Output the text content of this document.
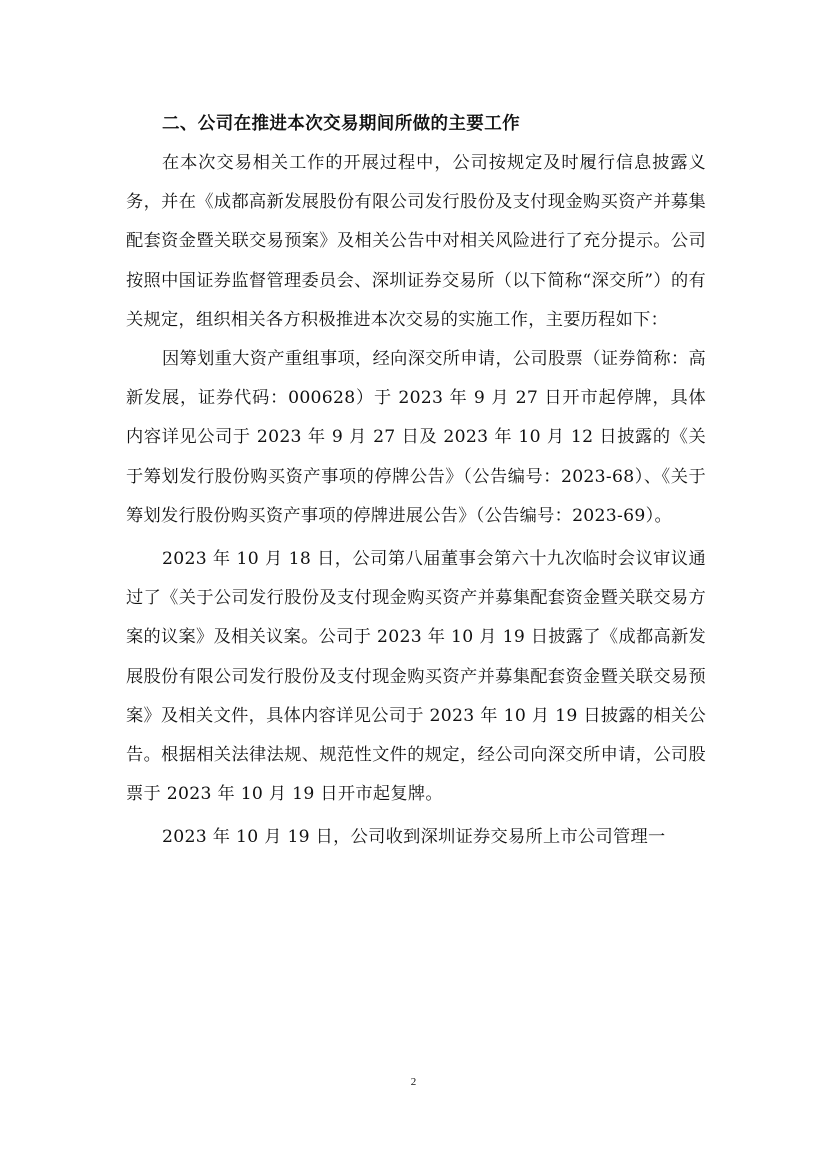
二、公司在推进本次交易期间所做的主要工作

在本次交易相关工作的开展过程中，公司按规定及时履行信息披露义务，并在《成都高新发展股份有限公司发行股份及支付现金购买资产并募集配套资金暨关联交易预案》及相关公告中对相关风险进行了充分提示。公司按照中国证券监督管理委员会、深圳证券交易所（以下简称“深交所”）的有关规定，组织相关各方积极推进本次交易的实施工作，主要历程如下：

因筹划重大资产重组事项，经向深交所申请，公司股票（证券简称：高新发展，证券代码：000628）于 2023 年 9 月 27 日开市起停牌，具体内容详见公司于 2023 年 9 月 27 日及 2023 年 10 月 12 日披露的《关于筹划发行股份购买资产事项的停牌公告》（公告编号：2023-68）、《关于筹划发行股份购买资产事项的停牌进展公告》（公告编号：2023-69）。

2023 年 10 月 18 日，公司第八届董事会第六十九次临时会议审议通过了《关于公司发行股份及支付现金购买资产并募集配套资金暨关联交易方案的议案》及相关议案。公司于 2023 年 10 月 19 日披露了《成都高新发展股份有限公司发行股份及支付现金购买资产并募集配套资金暨关联交易预案》及相关文件，具体内容详见公司于 2023 年 10 月 19 日披露的相关公告。根据相关法律法规、规范性文件的规定，经公司向深交所申请，公司股票于 2023 年 10 月 19 日开市起复牌。

2023 年 10 月 19 日，公司收到深圳证券交易所上市公司管理一

2
